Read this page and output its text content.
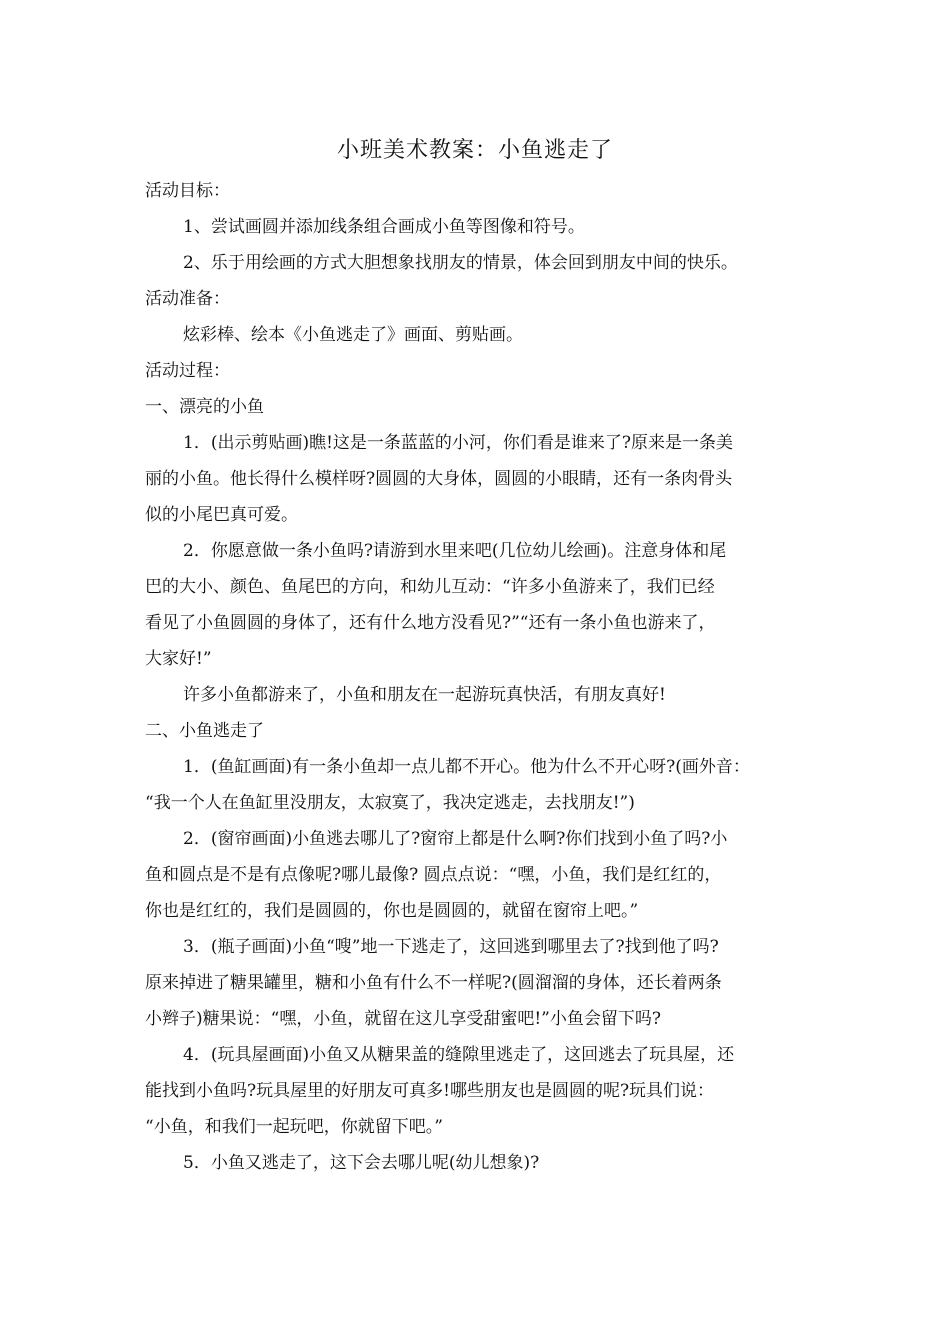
小班美术教案：小鱼逃走了
活动目标：
1、尝试画圆并添加线条组合画成小鱼等图像和符号。
2、乐于用绘画的方式大胆想象找朋友的情景，体会回到朋友中间的快乐。
活动准备：
炫彩棒、绘本《小鱼逃走了》画面、剪贴画。
活动过程：
一、漂亮的小鱼
1．(出示剪贴画)瞧!这是一条蓝蓝的小河，你们看是谁来了?原来是一条美
丽的小鱼。他长得什么模样呀?圆圆的大身体，圆圆的小眼睛，还有一条肉骨头
似的小尾巴真可爱。
2．你愿意做一条小鱼吗?请游到水里来吧(几位幼儿绘画)。注意身体和尾
巴的大小、颜色、鱼尾巴的方向，和幼儿互动：“许多小鱼游来了，我们已经
看见了小鱼圆圆的身体了，还有什么地方没看见?”“还有一条小鱼也游来了，
大家好!”
许多小鱼都游来了，小鱼和朋友在一起游玩真快活，有朋友真好!
二、小鱼逃走了
1．(鱼缸画面)有一条小鱼却一点儿都不开心。他为什么不开心呀?(画外音：
“我一个人在鱼缸里没朋友，太寂寞了，我决定逃走，去找朋友!”)
2．(窗帘画面)小鱼逃去哪儿了?窗帘上都是什么啊?你们找到小鱼了吗?小
鱼和圆点是不是有点像呢?哪儿最像? 圆点点说：“嘿，小鱼，我们是红红的，
你也是红红的，我们是圆圆的，你也是圆圆的，就留在窗帘上吧。”
3．(瓶子画面)小鱼“嗖”地一下逃走了，这回逃到哪里去了?找到他了吗?
原来掉进了糖果罐里，糖和小鱼有什么不一样呢?(圆溜溜的身体，还长着两条
小辫子)糖果说：“嘿，小鱼，就留在这儿享受甜蜜吧!”小鱼会留下吗?
4．(玩具屋画面)小鱼又从糖果盖的缝隙里逃走了，这回逃去了玩具屋，还
能找到小鱼吗?玩具屋里的好朋友可真多!哪些朋友也是圆圆的呢?玩具们说：
“小鱼，和我们一起玩吧，你就留下吧。”
5．小鱼又逃走了，这下会去哪儿呢(幼儿想象)?
